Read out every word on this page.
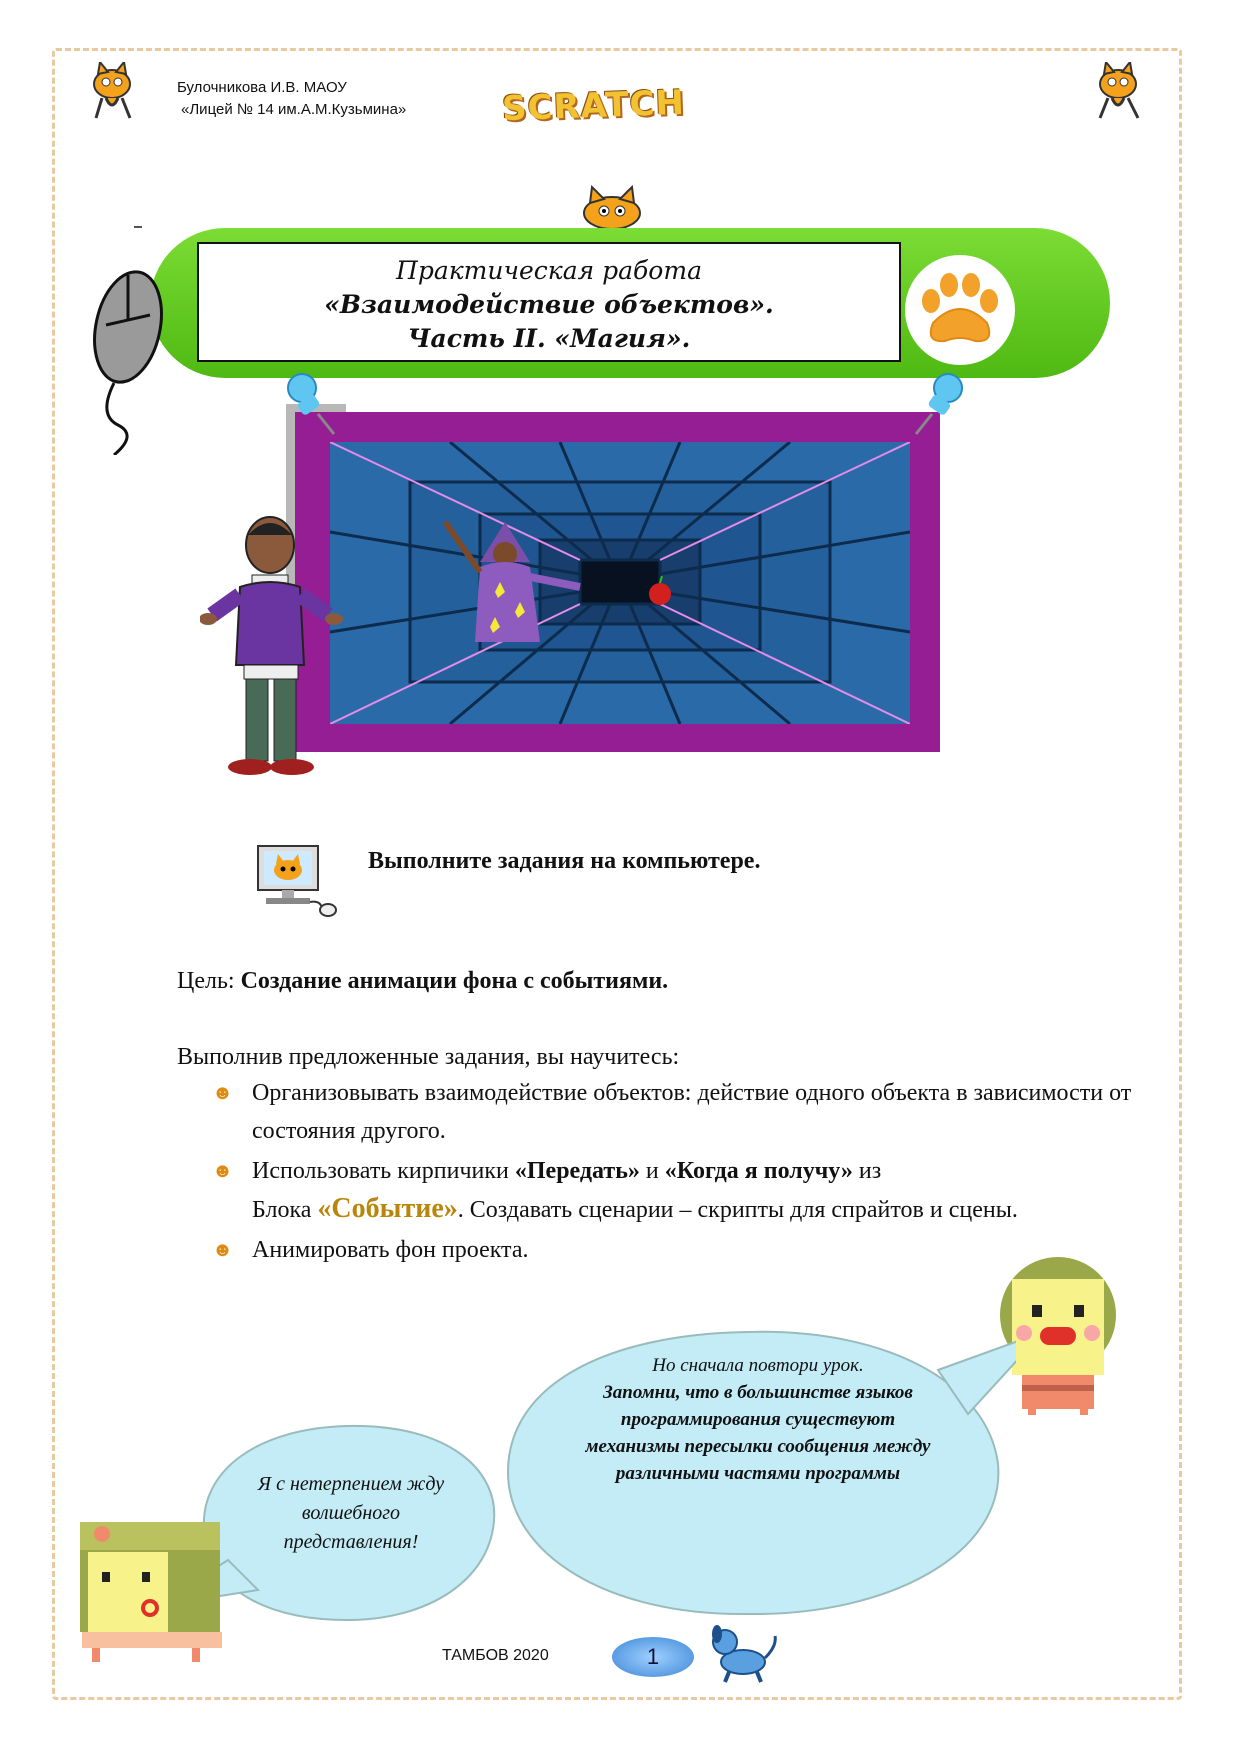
Булочникова И.В. МАОУ
«Лицей № 14 им.А.М.Кузьмина»	SCRATCH
Практическая работа
«Взаимодействие объектов».
Часть II. «Магия».
Выполните задания на компьютере.
Цель: Создание анимации фона с событиями.
Выполнив предложенные задания, вы научитесь:
☻ Организовывать взаимодействие объектов: действие одного объекта в зависимости от состояния другого.
☻ Использовать кирпичики «Передать» и «Когда я получу» из
Блока «Событие». Создавать сценарии – скрипты для спрайтов и сцены.
☻ Анимировать фон проекта.
Но сначала повтори урок.
Запомни, что в большинстве языков программирования существуют механизмы пересылки сообщения между различными частями программы
Я с нетерпением жду волшебного представления!
ТАМБОВ 2020	1
